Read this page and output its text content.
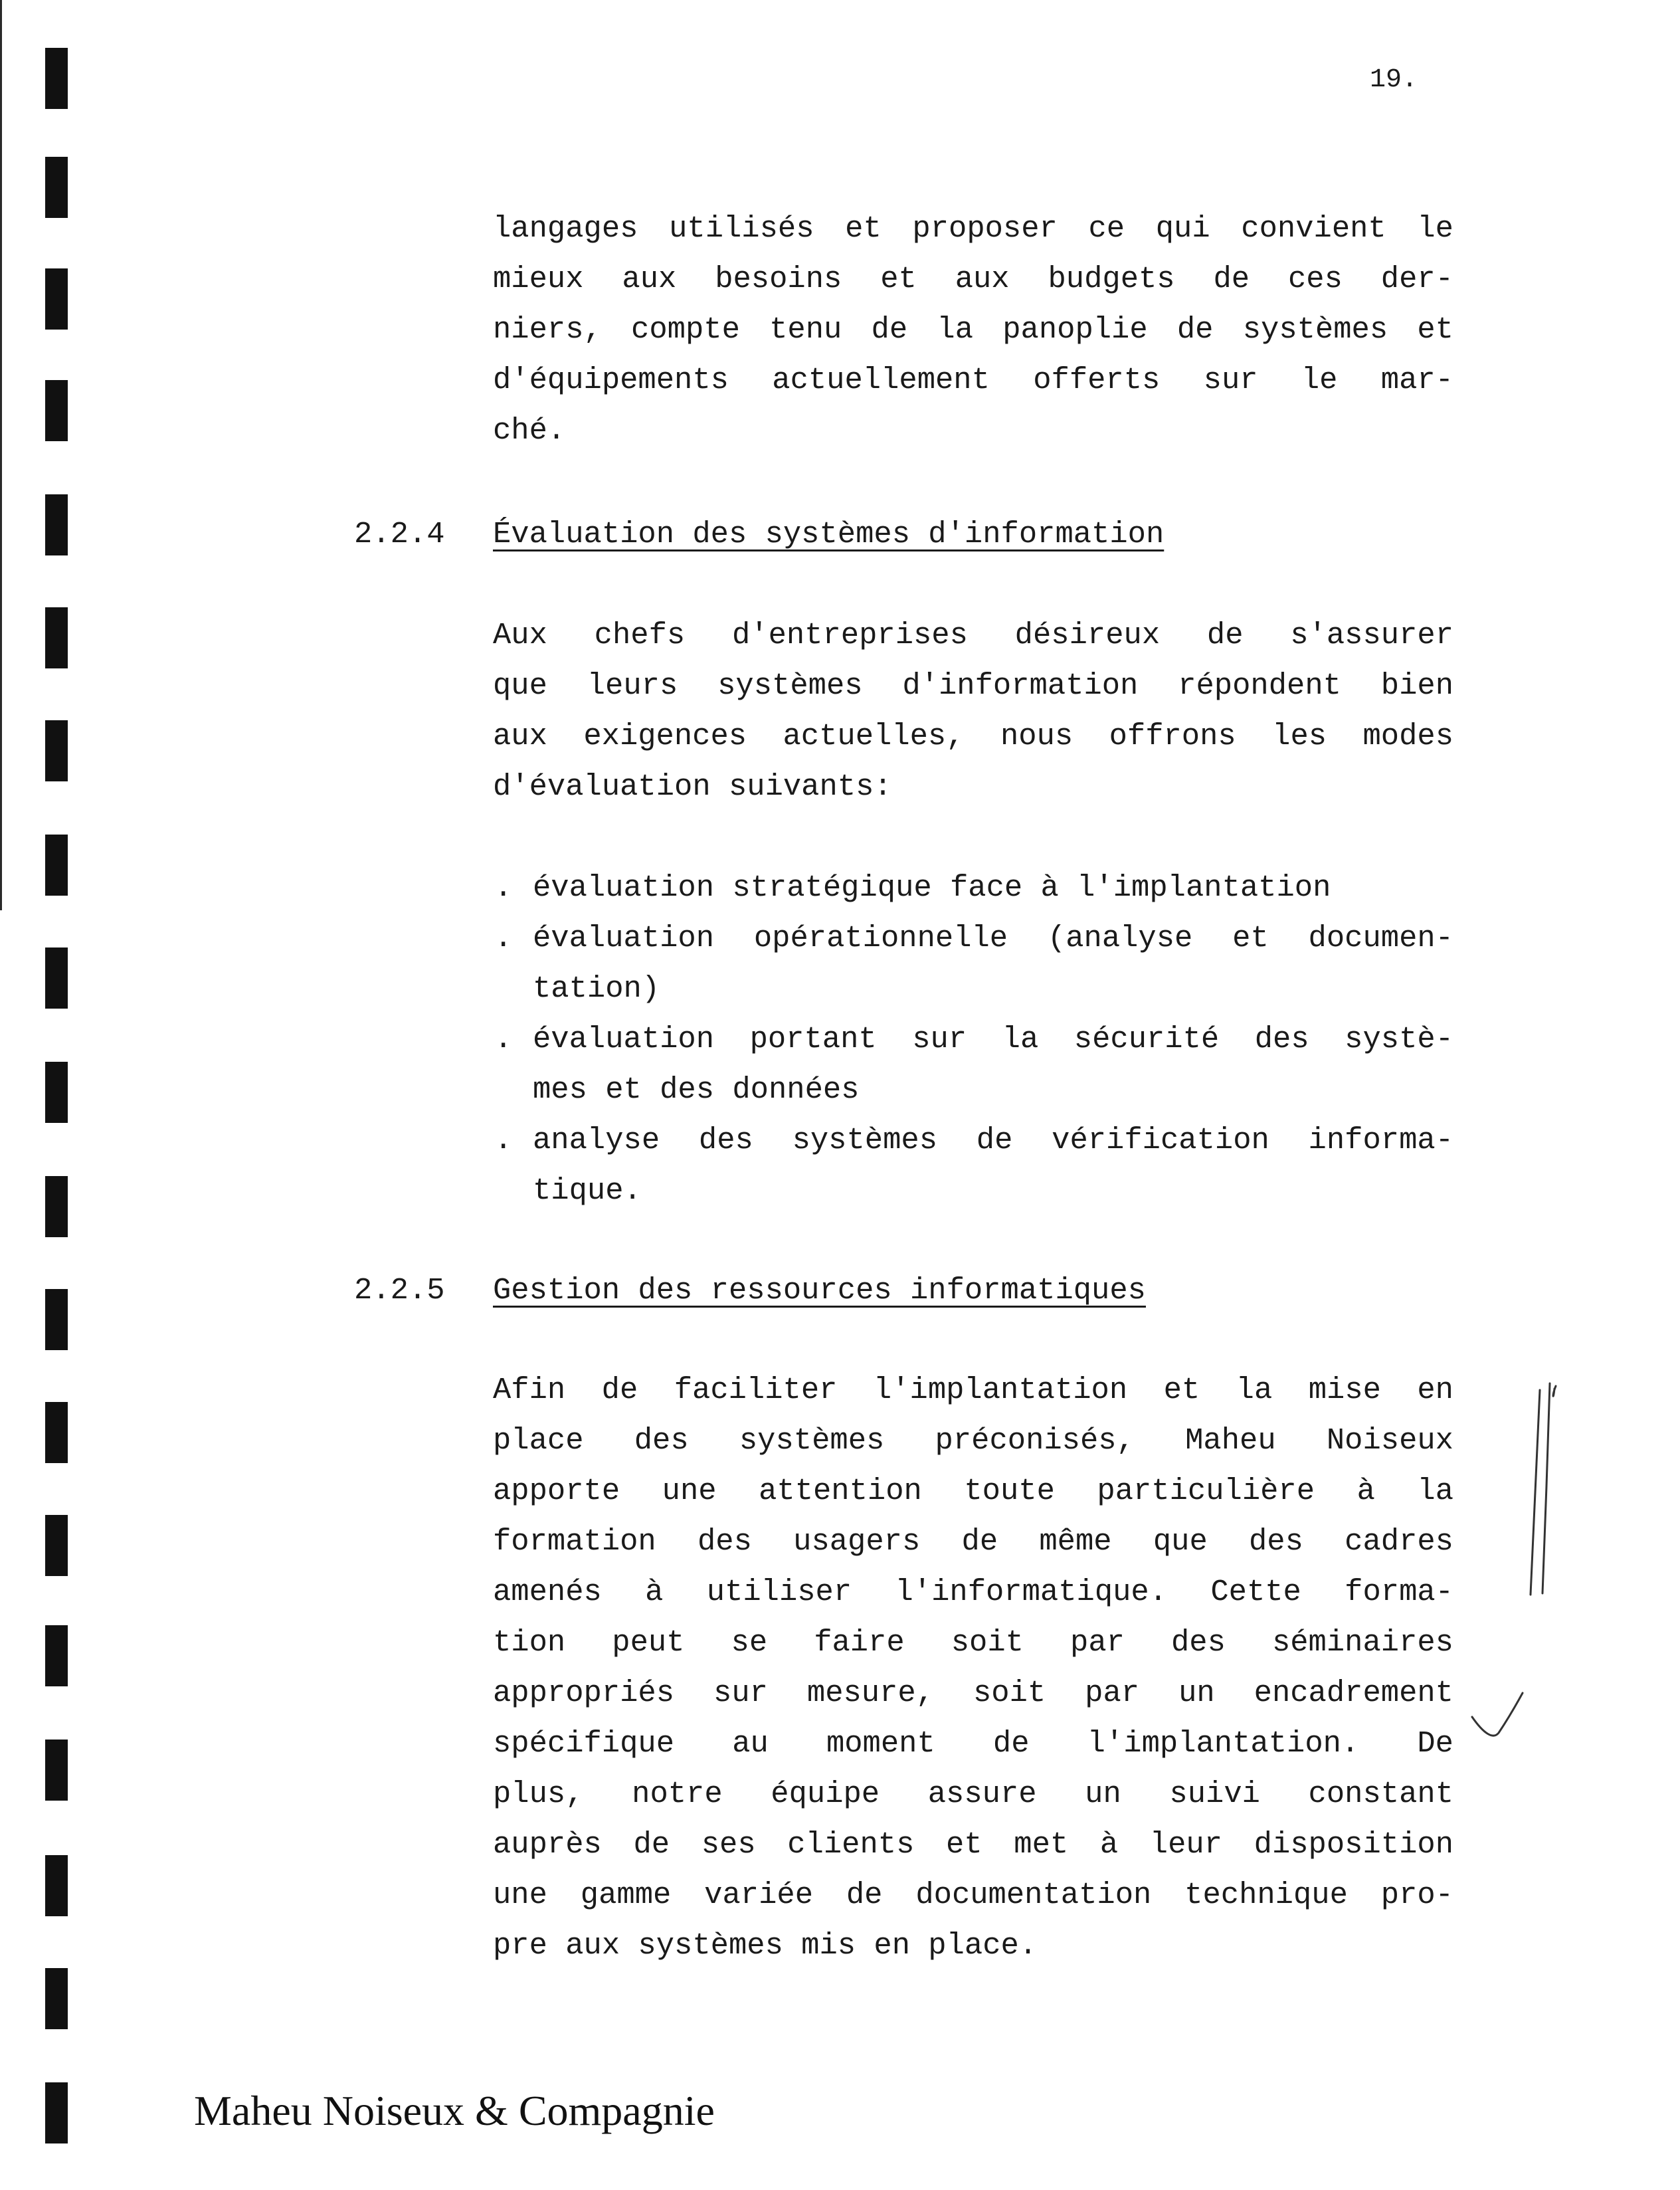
19.
langages utilisés et proposer ce qui convient le
mieux aux besoins et aux budgets de ces der-
niers, compte tenu de la panoplie de systèmes et
d'équipements actuellement offerts sur le mar-
ché.
2.2.4 Évaluation des systèmes d'information
Aux chefs d'entreprises désireux de s'assurer
que leurs systèmes d'information répondent bien
aux exigences actuelles, nous offrons les modes
d'évaluation suivants:
. évaluation stratégique face à l'implantation
. évaluation opérationnelle (analyse et documen-
tation)
. évaluation portant sur la sécurité des systè-
mes et des données
. analyse des systèmes de vérification informa-
tique.
2.2.5 Gestion des ressources informatiques
Afin de faciliter l'implantation et la mise en
place des systèmes préconisés, Maheu Noiseux
apporte une attention toute particulière à la
formation des usagers de même que des cadres
amenés à utiliser l'informatique. Cette forma-
tion peut se faire soit par des séminaires
appropriés sur mesure, soit par un encadrement
spécifique au moment de l'implantation. De
plus, notre équipe assure un suivi constant
auprès de ses clients et met à leur disposition
une gamme variée de documentation technique pro-
pre aux systèmes mis en place.
Maheu Noiseux & Compagnie
